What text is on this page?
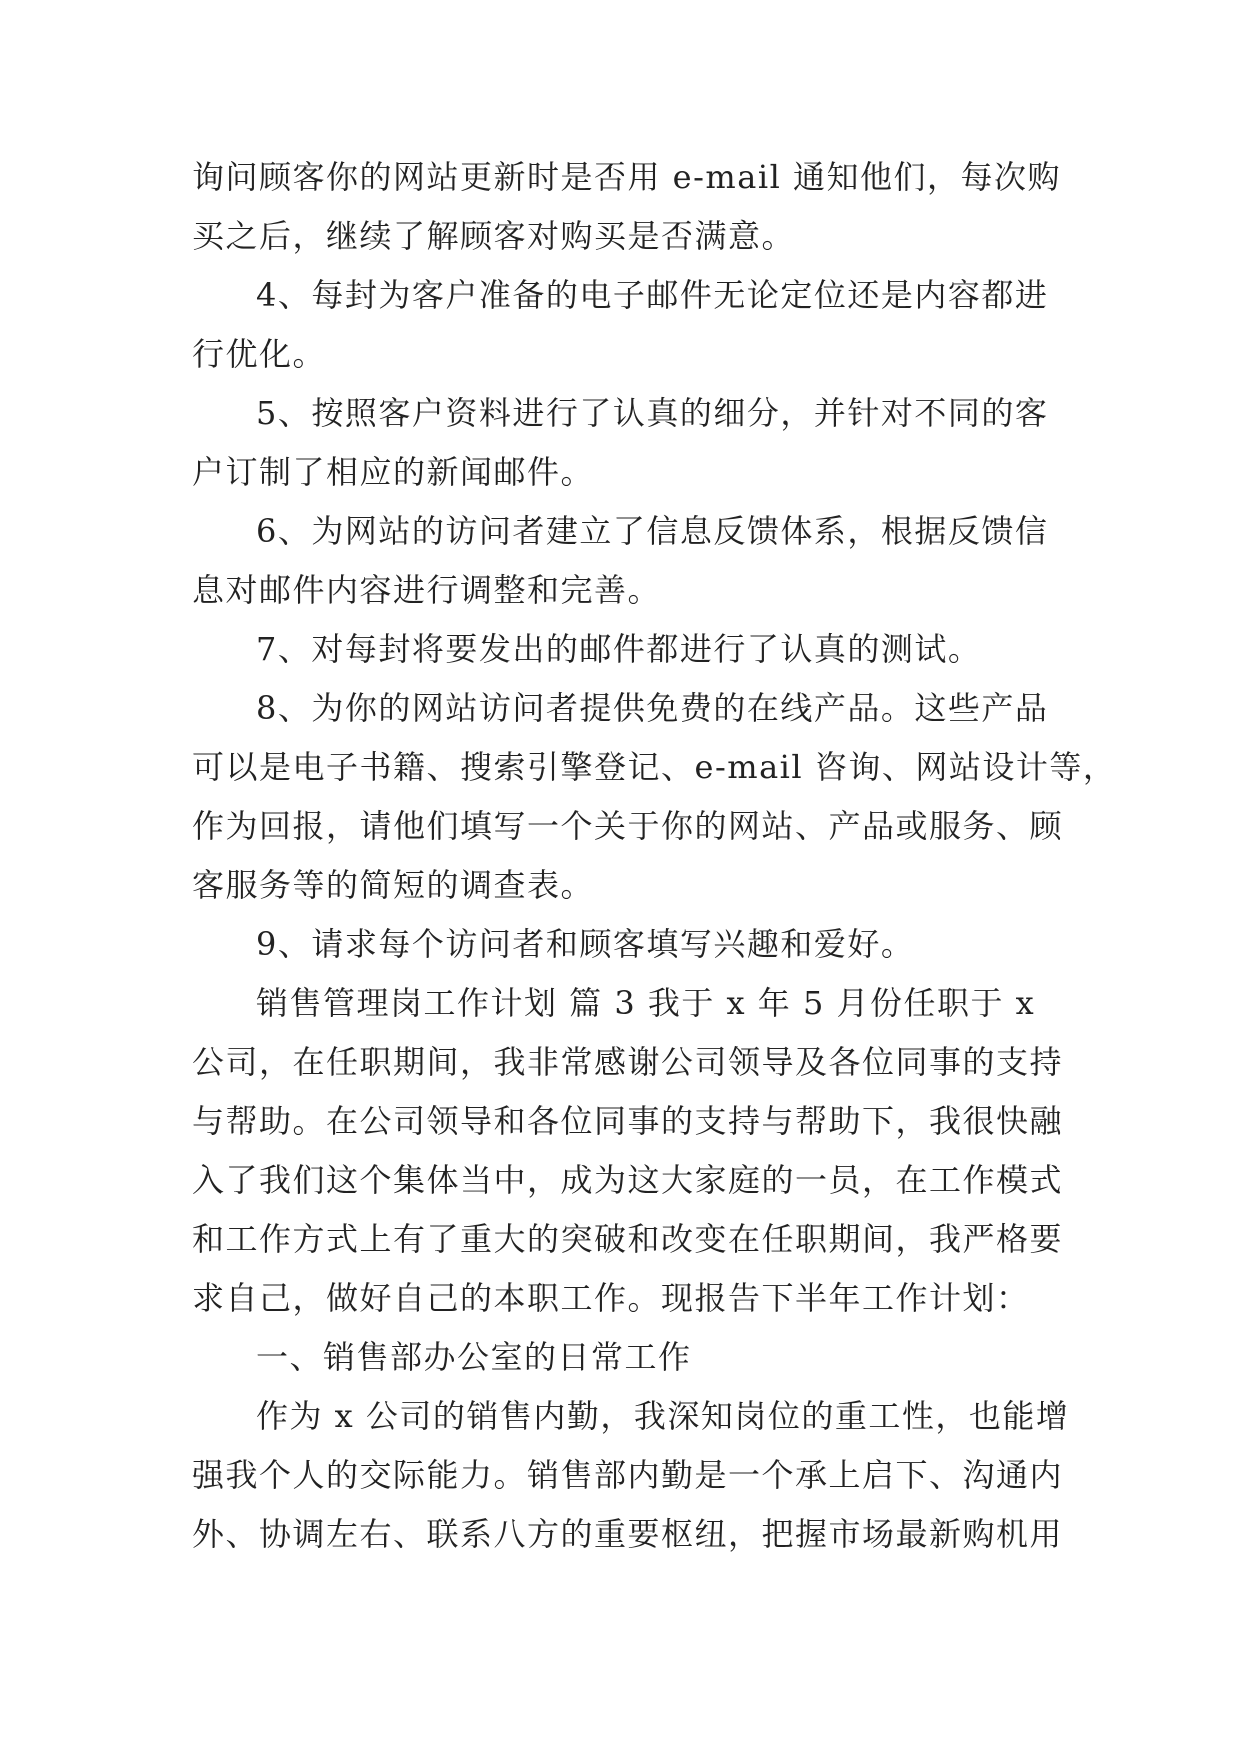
询问顾客你的网站更新时是否用 e-mail 通知他们，每次购
买之后，继续了解顾客对购买是否满意。
4、每封为客户准备的电子邮件无论定位还是内容都进
行优化。
5、按照客户资料进行了认真的细分，并针对不同的客
户订制了相应的新闻邮件。
6、为网站的访问者建立了信息反馈体系，根据反馈信
息对邮件内容进行调整和完善。
7、对每封将要发出的邮件都进行了认真的测试。
8、为你的网站访问者提供免费的在线产品。这些产品
可以是电子书籍、搜索引擎登记、e-mail 咨询、网站设计等，
作为回报，请他们填写一个关于你的网站、产品或服务、顾
客服务等的简短的调查表。
9、请求每个访问者和顾客填写兴趣和爱好。
销售管理岗工作计划 篇 3 我于 x 年 5 月份任职于 x
公司，在任职期间，我非常感谢公司领导及各位同事的支持
与帮助。在公司领导和各位同事的支持与帮助下，我很快融
入了我们这个集体当中，成为这大家庭的一员，在工作模式
和工作方式上有了重大的突破和改变在任职期间，我严格要
求自己，做好自己的本职工作。现报告下半年工作计划：
一、销售部办公室的日常工作
作为 x 公司的销售内勤，我深知岗位的重工性，也能增
强我个人的交际能力。销售部内勤是一个承上启下、沟通内
外、协调左右、联系八方的重要枢纽，把握市场最新购机用
